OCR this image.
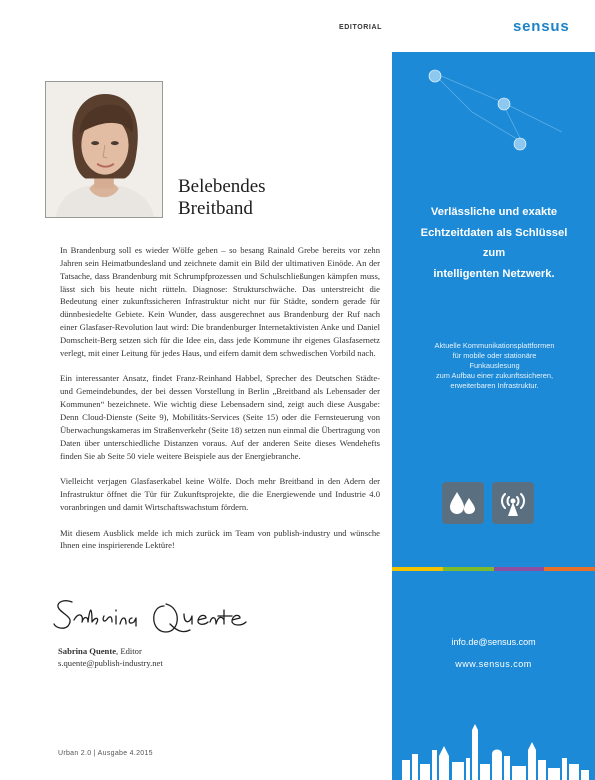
EDITORIAL
Belebendes
Breitband

In Brandenburg soll es wieder Wölfe geben – so besang Rainald Grebe bereits vor zehn Jahren sein Heimatbundesland und zeichnete damit ein Bild der ultimativen Einöde. An der Tatsache, dass Brandenburg mit Schrumpfprozessen und Schulschließungen kämpfen muss, lässt sich bis heute nicht rütteln. Diagnose: Strukturschwäche. Das unterstreicht die Bedeutung einer zukunftssicheren Infrastruktur nicht nur für Städte, sondern gerade für dünnbesiedelte Gebiete. Kein Wunder, dass ausgerechnet aus Brandenburg der Ruf nach einer Glasfaser-Revolution laut wird: Die brandenburger Internetaktivisten Anke und Daniel Domscheit-Berg setzen sich für die Idee ein, dass jede Kommune ihr eigenes Glasfasernetz verlegt, mit einer Leitung für jedes Haus, und eifern damit dem schwedischen Vorbild nach.

Ein interessanter Ansatz, findet Franz-Reinhand Habbel, Sprecher des Deutschen Städte- und Gemeindebundes, der bei dessen Vorstellung in Berlin „Breitband als Lebensader der Kommunen“ bezeichnete. Wie wichtig diese Lebensadern sind, zeigt auch diese Ausgabe: Denn Cloud-Dienste (Seite 9), Mobilitäts-Services (Seite 15) oder die Fernsteuerung von Überwachungskameras im Straßenverkehr (Seite 18) setzen nun einmal die Übertragung von Daten über unterschiedliche Distanzen voraus. Auf der anderen Seite dieses Wendehefts finden Sie ab Seite 50 viele weitere Beispiele aus der Energiebranche.

Vielleicht verjagen Glasfaserkabel keine Wölfe. Doch mehr Breitband in den Adern der Infrastruktur öffnet die Tür für Zukunftsprojekte, die die Energiewende und Industrie 4.0 voranbringen und damit Wirtschaftswachstum fördern.

Mit diesem Ausblick melde ich mich zurück im Team von publish-industry und wünsche Ihnen eine inspirierende Lektüre!

Sabrina Quente, Editor
s.quente@publish-industry.net
Urban 2.0 | Ausgabe 4.2015
sensus
Verlässliche und exakte
Echtzeitdaten als Schlüssel
zum
intelligenten Netzwerk.
Aktuelle Kommunikationsplattformen
für mobile oder stationäre
Funkauslesung
zum Aufbau einer zukunftssicheren,
erweiterbaren Infrastruktur.
info.de@sensus.com
www.sensus.com
